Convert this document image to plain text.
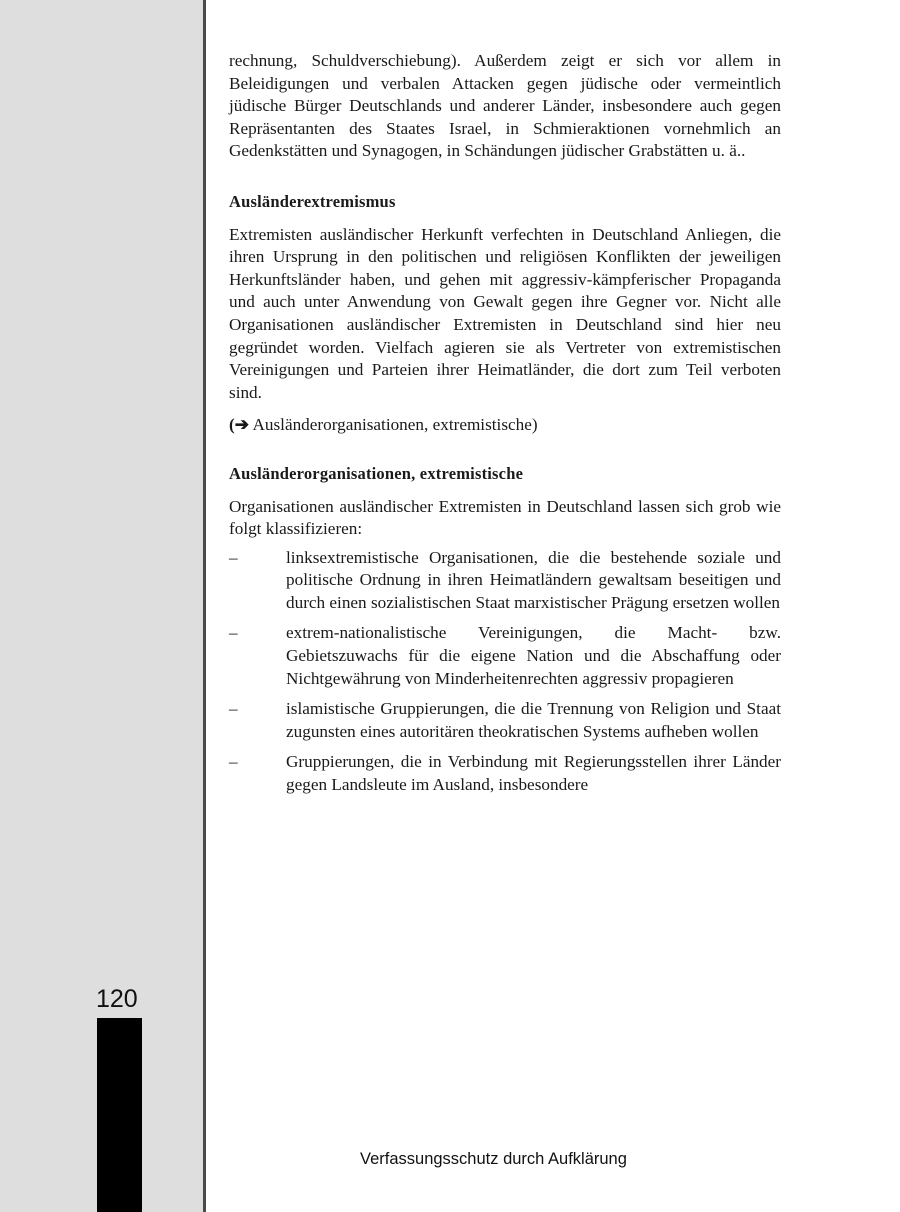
120

rechnung, Schuldverschiebung). Außerdem zeigt er sich vor allem in Beleidigungen und verbalen Attacken gegen jüdische oder vermeintlich jüdische Bürger Deutschlands und anderer Länder, insbesondere auch gegen Repräsentanten des Staates Israel, in Schmieraktionen vornehmlich an Gedenkstätten und Synagogen, in Schändungen jüdischer Grabstätten u. ä..

Ausländerextremismus

Extremisten ausländischer Herkunft verfechten in Deutschland Anliegen, die ihren Ursprung in den politischen und religiösen Konflikten der jeweiligen Herkunftsländer haben, und gehen mit aggressiv-kämpferischer Propaganda und auch unter Anwendung von Gewalt gegen ihre Gegner vor. Nicht alle Organisationen ausländischer Extremisten in Deutschland sind hier neu gegründet worden. Vielfach agieren sie als Vertreter von extremistischen Vereinigungen und Parteien ihrer Heimatländer, die dort zum Teil verboten sind.

(➔ Ausländerorganisationen, extremistische)

Ausländerorganisationen, extremistische

Organisationen ausländischer Extremisten in Deutschland lassen sich grob wie folgt klassifizieren:

–	linksextremistische Organisationen, die die bestehende soziale und politische Ordnung in ihren Heimatländern gewaltsam beseitigen und durch einen sozialistischen Staat marxistischer Prägung ersetzen wollen
–	extrem-nationalistische Vereinigungen, die Macht- bzw. Gebietszuwachs für die eigene Nation und die Abschaffung oder Nichtgewährung von Minderheitenrechten aggressiv propagieren
–	islamistische Gruppierungen, die die Trennung von Religion und Staat zugunsten eines autoritären theokratischen Systems aufheben wollen
–	Gruppierungen, die in Verbindung mit Regierungsstellen ihrer Länder gegen Landsleute im Ausland, insbesondere
Verfassungsschutz durch Aufklärung
